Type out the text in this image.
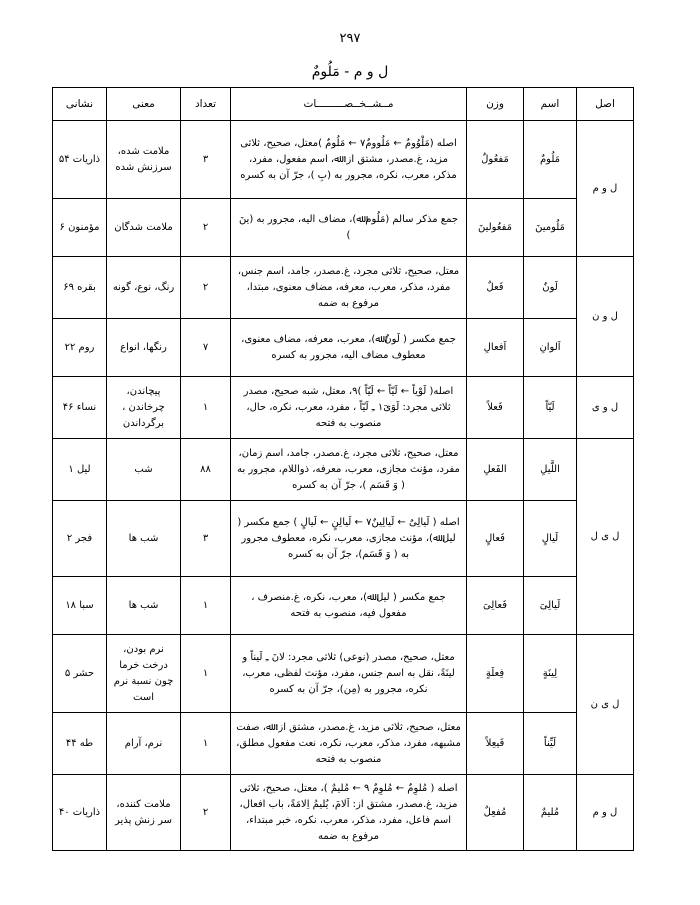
۲۹۷
ل و م - مَلُومٌ
اصل	اسم	وزن	مــشــخــصـــــــــات	تعداد	معنی	نشانی
ل و م	مَلُومٌ	مَفعُولٌ	اصله (مَلْوُومٌ ← مَلُوومٌ٧ ← مَلُومٌ )معتل، صحیح، ثلاثی مزید، غ.مصدر، مشتق از: ﷲ، اسم مفعول، مفرد، مذکر، معرب، نکره، مجرور به (بِ )، جرّ آن به کسره	۳	ملامت شده، سرزنش شده	ذاریات ۵۴
	مَلُومینَ	مَفعُولینَ	جمع مذکر سالم (مَلُوم ﷲ)، مضاف الیه، مجرور به (ینَ )	۲	ملامت شدگان	مؤمنون ۶
ل و ن	لَونٌ	فَعلٌ	معتل، صحیح، ثلاثی مجرد، غ.مصدر، جامد، اسم جنس، مفرد، مذکر، معرب، معرفه، مضاف معنوی، مبتدا، مرفوع به ضمه	۲	رنگ، نوع، گونه	بقره ۶۹
	اَلوانِ	اَفعالِ	جمع مکسر ( لَونٌ ﷲ)، معرب، معرفه، مضاف معنوی، معطوف مضاف الیه، مجرور به کسره	۷	رنگها، انواع	روم ۲۲
ل و ی	لَیّاً	فَعلاً	اصله( لَوْیاً ← لَیّاً ← لَیّاً )٩، معتل، شبه صحیح، مصدر ثلاثی مجرد: لَوَیَ١ ـِ لَیّاً ، مفرد، معرب، نکره، حال، منصوب به فتحه	۱	پیچاندن، چرخاندن ، برگرداندن	نساء ۴۶
ل ی ل	اللَّیلِ	الفَعلِ	معتل، صحیح، ثلاثی مجرد، غ.مصدر، جامد، اسم زمان، مفرد، مؤنث مجازی، معرب، معرفه، ذواللام، مجرور به ( وَ قَسَم )، جرّ آن به کسره	۸۸	شب	لیل ۱
	لَیالٍ	فَعالٍ	اصله ( لَیالِیٌ ← لَیالِینٌ٧ ← لَیالِنٍ ← لَیالٍ ) جمع مکسر ( لیل ﷲ)، مؤنث مجازی، معرب، نکره، معطوف مجرور به ( وَ قَسَم)، جرّ آن به کسره	۳	شب ها	فجر ۲
	لَیالِیَ	فَعالِیَ	جمع مکسر ( لیل ﷲ)، معرب، نکره، غ.منصرف ، مفعول فیه، منصوب به فتحه	۱	شب ها	سبا ۱۸
ل ی ن	لِینَةٍ	فِعلَةٍ	معتل، صحیح، مصدر (نوعی) ثلاثی مجرد: لانَ ـِ لَیناً و لینَةً، نقل به اسم جنس، مفرد، مؤنث لفظی، معرب، نکره، مجرور به (مِن)، جرّ آن به کسره	۱	نرم بودن، درخت خرما چون نسبة نرم است	حشر ۵
	لَیِّناً	فَیعِلاً	معتل، صحیح، ثلاثی مزید، غ.مصدر، مشتق از: ﷲ، صفت مشبهه، مفرد، مذکر، معرب، نکره، نعت مفعول مطلق، منصوب به فتحه	۱	نرم، آرام	طه ۴۴
ل و م	مُلیمٌ	مُفعِلٌ	اصله ( مُلوِمٌ ← مُلوِمٌ ٩ ← مُلیمٌ )، معتل، صحیح، ثلاثی مزید، غ.مصدر، مشتق از: اَلامَ، یُلیمُ اِلامَةً، باب افعال، اسم فاعل، مفرد، مذکر، معرب، نکره، خبر مبتداء، مرفوع به ضمه	۲	ملامت کننده، سر زنش پذیر	ذاریات ۴۰
